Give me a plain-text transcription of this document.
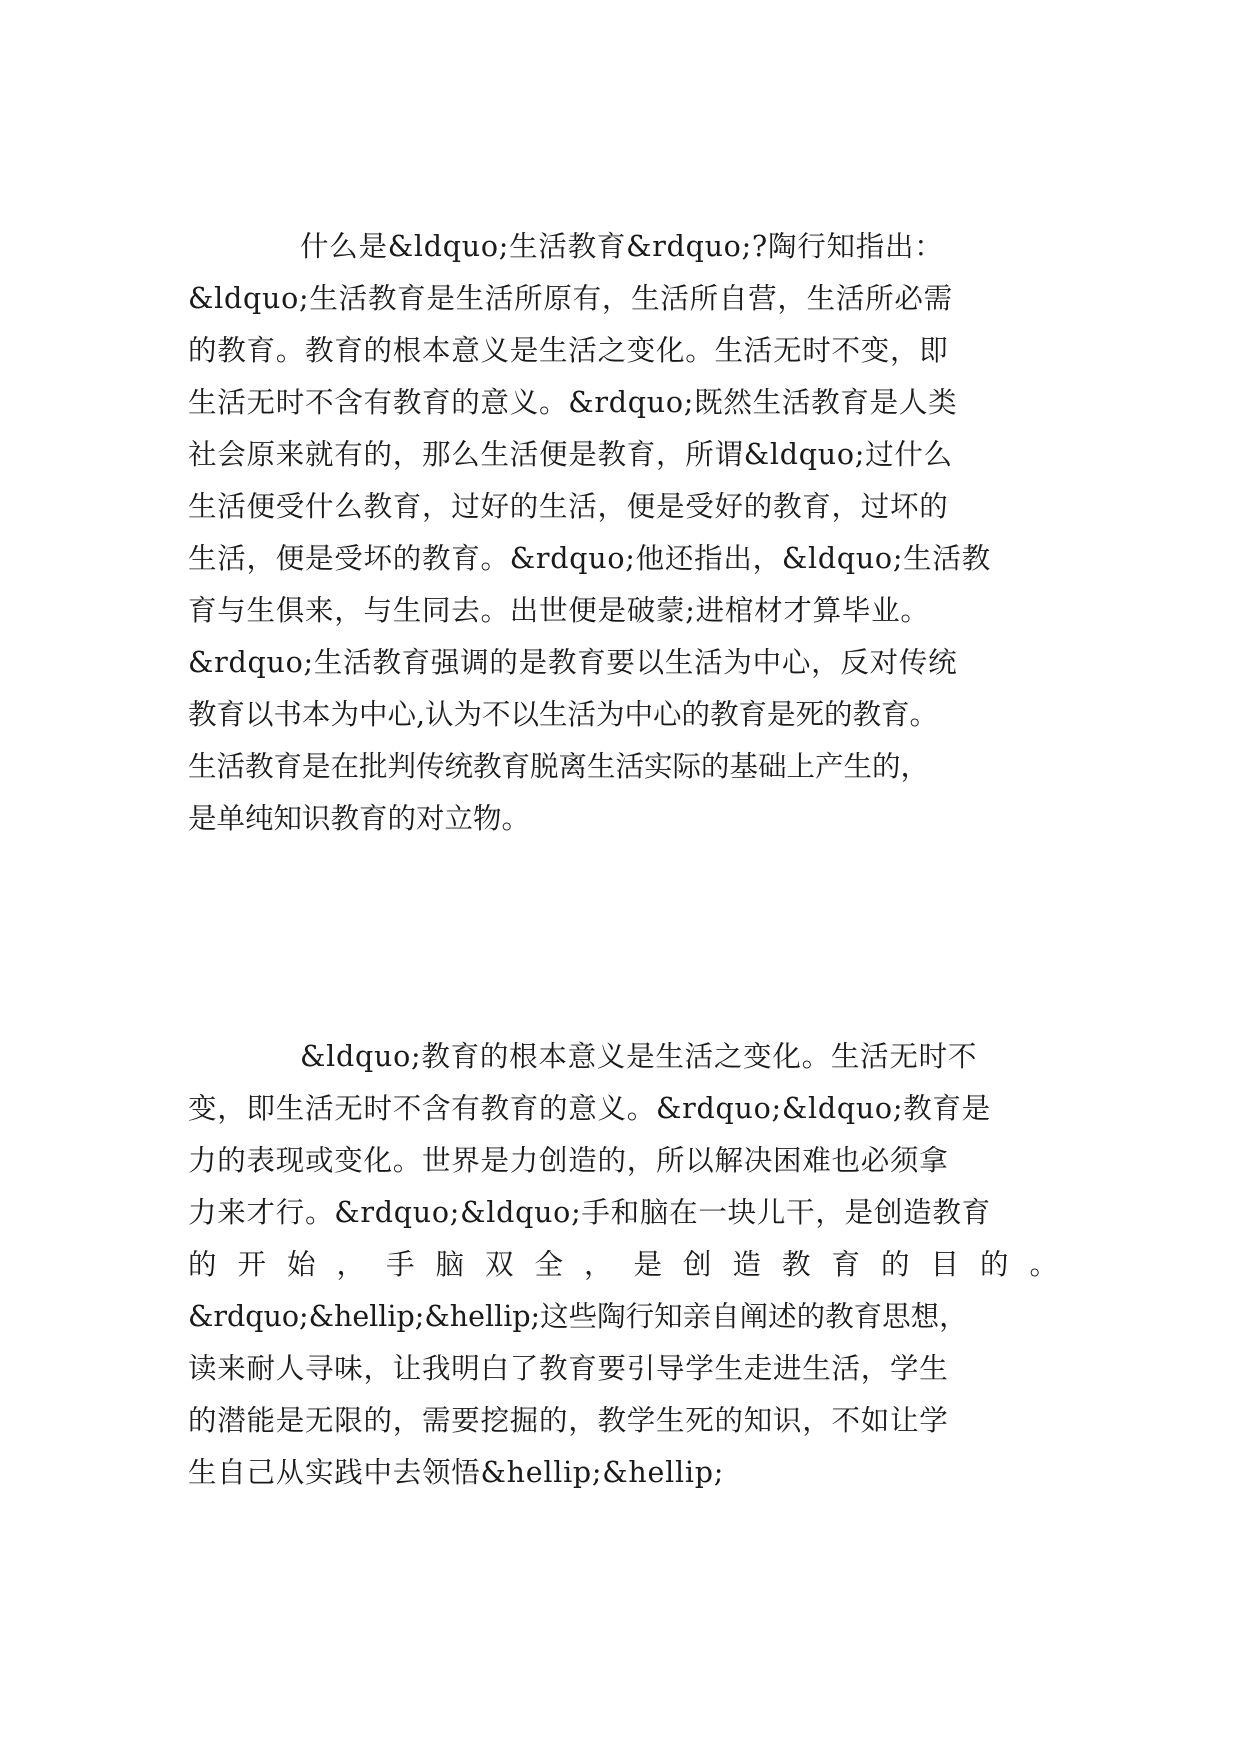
什么是&ldquo;生活教育&rdquo;?陶行知指出：
&ldquo;生活教育是生活所原有，生活所自营，生活所必需
的教育。教育的根本意义是生活之变化。生活无时不变，即
生活无时不含有教育的意义。&rdquo;既然生活教育是人类
社会原来就有的，那么生活便是教育，所谓&ldquo;过什么
生活便受什么教育，过好的生活，便是受好的教育，过坏的
生活，便是受坏的教育。&rdquo;他还指出，&ldquo;生活教
育与生俱来，与生同去。出世便是破蒙;进棺材才算毕业。
&rdquo;生活教育强调的是教育要以生活为中心，反对传统
教育以书本为中心,认为不以生活为中心的教育是死的教育。
生活教育是在批判传统教育脱离生活实际的基础上产生的，
是单纯知识教育的对立物。
&ldquo;教育的根本意义是生活之变化。生活无时不
变，即生活无时不含有教育的意义。&rdquo;&ldquo;教育是
力的表现或变化。世界是力创造的，所以解决困难也必须拿
力来才行。&rdquo;&ldquo;手和脑在一块儿干，是创造教育
的开始，手脑双全，是创造教育的目的。
&rdquo;&hellip;&hellip;这些陶行知亲自阐述的教育思想，
读来耐人寻味，让我明白了教育要引导学生走进生活，学生
的潜能是无限的，需要挖掘的，教学生死的知识，不如让学
生自己从实践中去领悟&hellip;&hellip;
